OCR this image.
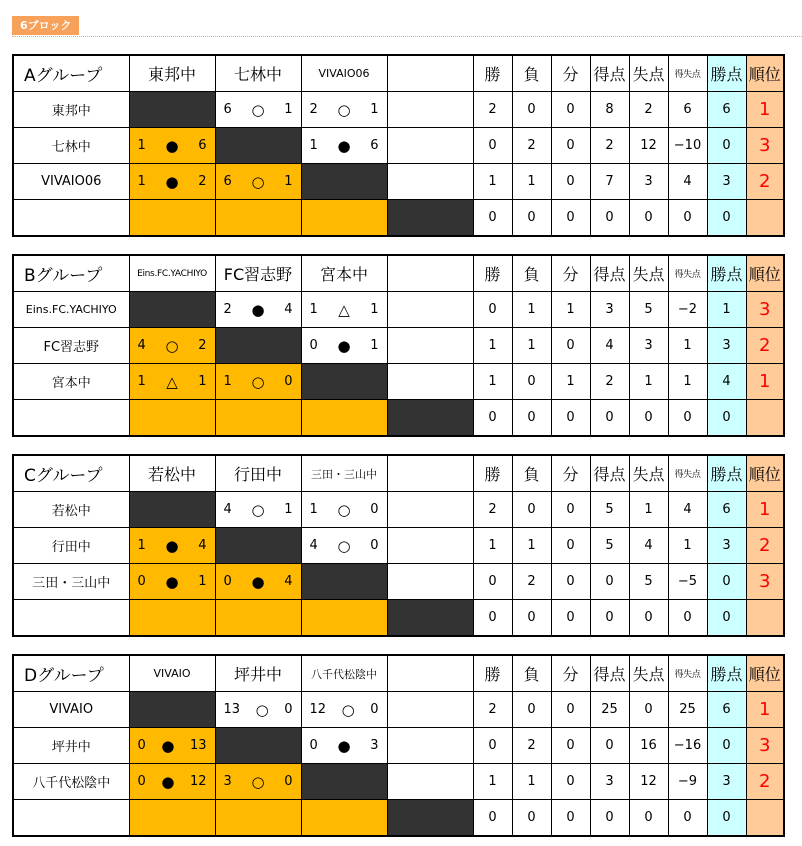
6ブロック
Aグループ	東邦中	七林中	VIVAIO06		勝	負	分	得点	失点	得失点	勝点	順位
東邦中		6 ○ 1	2 ○ 1		2	0	0	8	2	6	6	1
七林中	1 ● 6		1 ● 6		0	2	0	2	12	−10	0	3
VIVAIO06	1 ● 2	6 ○ 1			1	1	0	7	3	4	3	2
					0	0	0	0	0	0	0	
Bグループ	Eins.FC.YACHIYO	FC習志野	宮本中		勝	負	分	得点	失点	得失点	勝点	順位
Eins.FC.YACHIYO		2 ● 4	1 △ 1		0	1	1	3	5	−2	1	3
FC習志野	4 ○ 2		0 ● 1		1	1	0	4	3	1	3	2
宮本中	1 △ 1	1 ○ 0			1	0	1	2	1	1	4	1
					0	0	0	0	0	0	0	
Cグループ	若松中	行田中	三田・三山中		勝	負	分	得点	失点	得失点	勝点	順位
若松中		4 ○ 1	1 ○ 0		2	0	0	5	1	4	6	1
行田中	1 ● 4		4 ○ 0		1	1	0	5	4	1	3	2
三田・三山中	0 ● 1	0 ● 4			0	2	0	0	5	−5	0	3
					0	0	0	0	0	0	0	
Dグループ	VIVAIO	坪井中	八千代松陰中		勝	負	分	得点	失点	得失点	勝点	順位
VIVAIO		13 ○ 0	12 ○ 0		2	0	0	25	0	25	6	1
坪井中	0 ● 13		0 ● 3		0	2	0	0	16	−16	0	3
八千代松陰中	0 ● 12	3 ○ 0			1	1	0	3	12	−9	3	2
					0	0	0	0	0	0	0	
